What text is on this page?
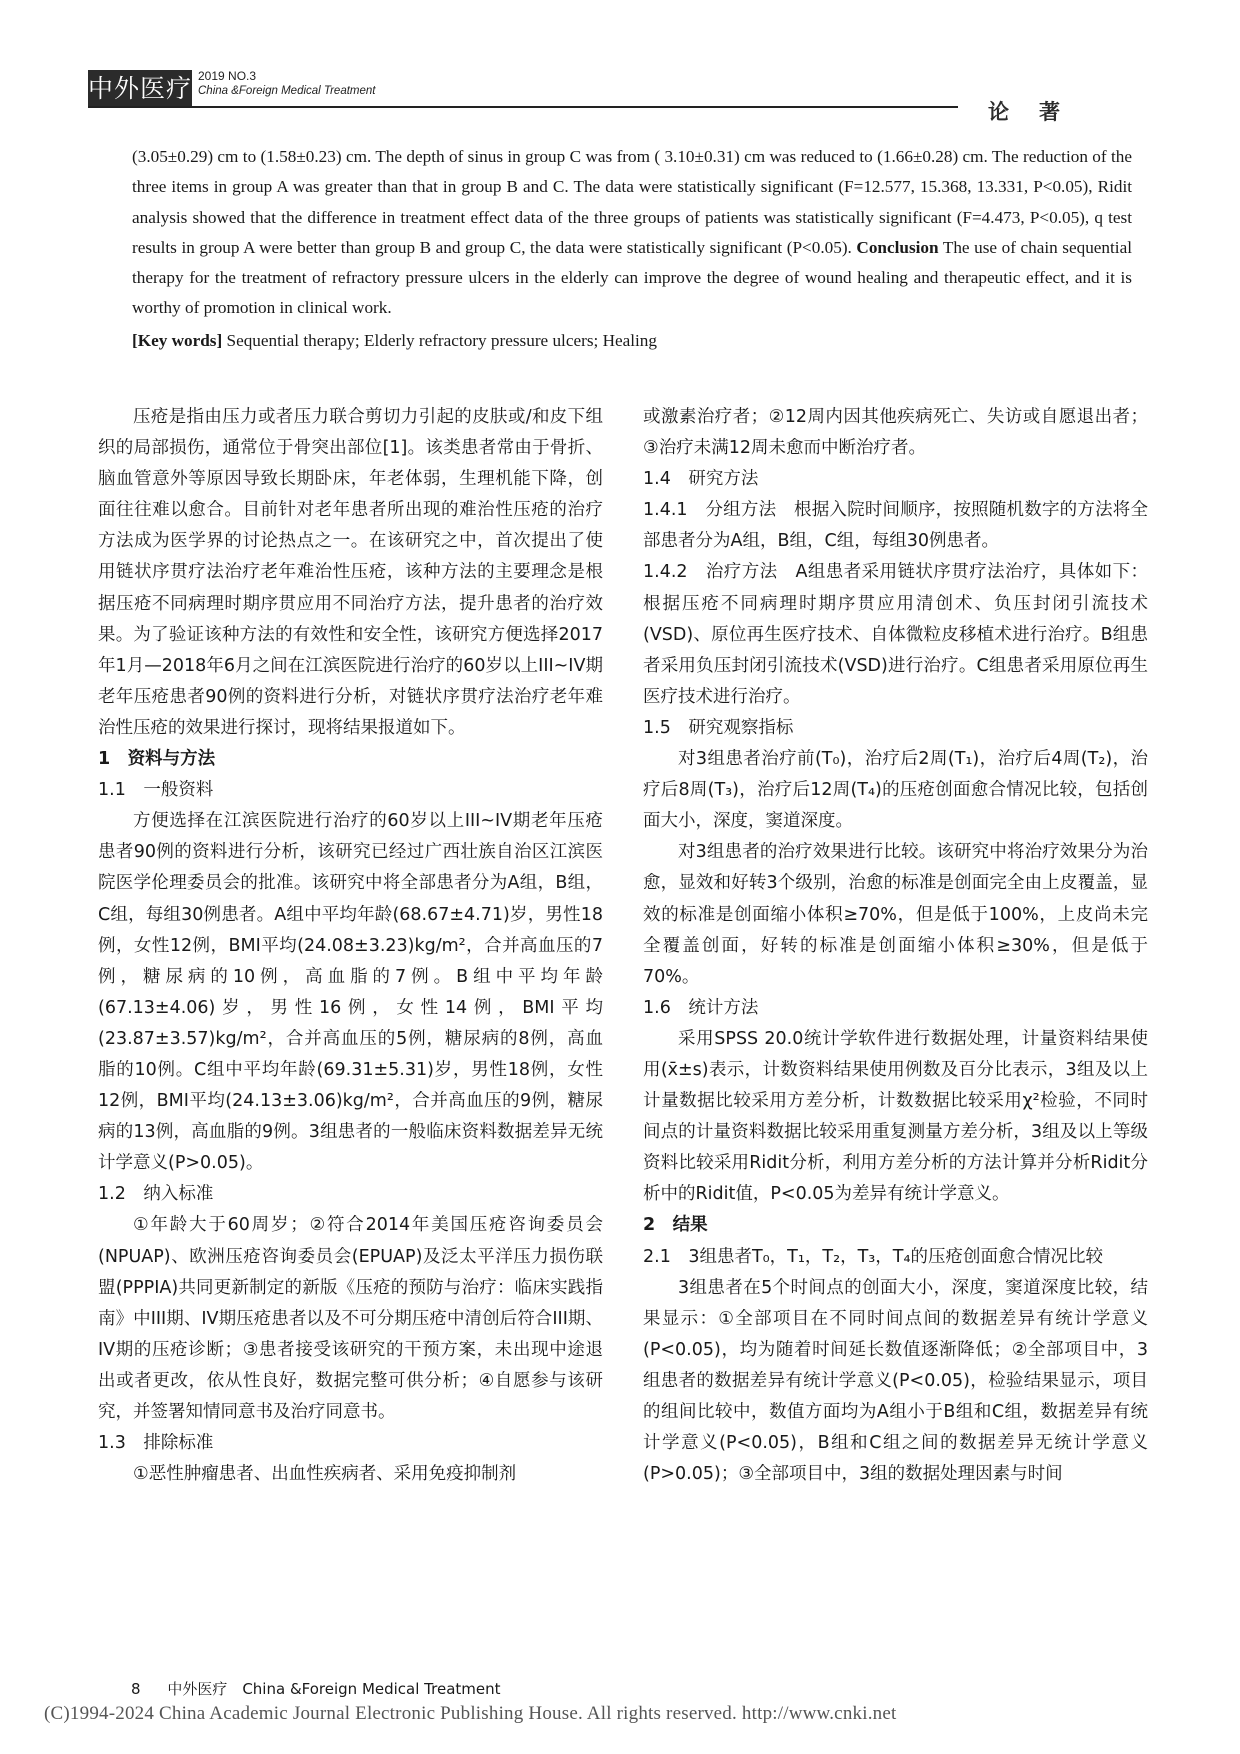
中外医疗 2019 NO.3
China &Foreign Medical Treatment
论著

(3.05±0.29) cm to (1.58±0.23) cm. The depth of sinus in group C was from ( 3.10±0.31) cm was reduced to (1.66±0.28) cm. The reduction of the three items in group A was greater than that in group B and C. The data were statistically significant (F=12.577, 15.368, 13.331, P<0.05), Ridit analysis showed that the difference in treatment effect data of the three groups of patients was statistically significant (F=4.473, P<0.05), q test results in group A were better than group B and group C, the data were statistically significant (P<0.05). Conclusion The use of chain sequential therapy for the treatment of refractory pressure ulcers in the elderly can improve the degree of wound healing and therapeutic effect, and it is worthy of promotion in clinical work.

[Key words] Sequential therapy; Elderly refractory pressure ulcers; Healing

压疮是指由压力或者压力联合剪切力引起的皮肤或/和皮下组织的局部损伤，通常位于骨突出部位[1]。该类患者常由于骨折、脑血管意外等原因导致长期卧床，年老体弱，生理机能下降，创面往往难以愈合。目前针对老年患者所出现的难治性压疮的治疗方法成为医学界的讨论热点之一。在该研究之中，首次提出了使用链状序贯疗法治疗老年难治性压疮，该种方法的主要理念是根据压疮不同病理时期序贯应用不同治疗方法，提升患者的治疗效果。为了验证该种方法的有效性和安全性，该研究方便选择2017年1月—2018年6月之间在江滨医院进行治疗的60岁以上III~IV期老年压疮患者90例的资料进行分析，对链状序贯疗法治疗老年难治性压疮的效果进行探讨，现将结果报道如下。

1　资料与方法

1.1　一般资料

方便选择在江滨医院进行治疗的60岁以上III~IV期老年压疮患者90例的资料进行分析，该研究已经过广西壮族自治区江滨医院医学伦理委员会的批准。该研究中将全部患者分为A组，B组，C组，每组30例患者。A组中平均年龄(68.67±4.71)岁，男性18例，女性12例，BMI平均(24.08±3.23)kg/m²，合并高血压的7例，糖尿病的10例，高血脂的7例。B组中平均年龄(67.13±4.06)岁，男性16例，女性14例，BMI平均(23.87±3.57)kg/m²，合并高血压的5例，糖尿病的8例，高血脂的10例。C组中平均年龄(69.31±5.31)岁，男性18例，女性12例，BMI平均(24.13±3.06)kg/m²，合并高血压的9例，糖尿病的13例，高血脂的9例。3组患者的一般临床资料数据差异无统计学意义(P>0.05)。

1.2　纳入标准

①年龄大于60周岁；②符合2014年美国压疮咨询委员会(NPUAP)、欧洲压疮咨询委员会(EPUAP)及泛太平洋压力损伤联盟(PPPIA)共同更新制定的新版《压疮的预防与治疗：临床实践指南》中III期、IV期压疮患者以及不可分期压疮中清创后符合III期、IV期的压疮诊断；③患者接受该研究的干预方案，未出现中途退出或者更改，依从性良好，数据完整可供分析；④自愿参与该研究，并签署知情同意书及治疗同意书。

1.3　排除标准

①恶性肿瘤患者、出血性疾病者、采用免疫抑制剂

或激素治疗者；②12周内因其他疾病死亡、失访或自愿退出者；③治疗未满12周未愈而中断治疗者。

1.4　研究方法

1.4.1　分组方法　根据入院时间顺序，按照随机数字的方法将全部患者分为A组，B组，C组，每组30例患者。

1.4.2　治疗方法　A组患者采用链状序贯疗法治疗，具体如下：根据压疮不同病理时期序贯应用清创术、负压封闭引流技术(VSD)、原位再生医疗技术、自体微粒皮移植术进行治疗。B组患者采用负压封闭引流技术(VSD)进行治疗。C组患者采用原位再生医疗技术进行治疗。

1.5　研究观察指标

对3组患者治疗前(T₀)，治疗后2周(T₁)，治疗后4周(T₂)，治疗后8周(T₃)，治疗后12周(T₄)的压疮创面愈合情况比较，包括创面大小，深度，窦道深度。

对3组患者的治疗效果进行比较。该研究中将治疗效果分为治愈，显效和好转3个级别，治愈的标准是创面完全由上皮覆盖，显效的标准是创面缩小体积≥70%，但是低于100%，上皮尚未完全覆盖创面，好转的标准是创面缩小体积≥30%，但是低于70%。

1.6　统计方法

采用SPSS 20.0统计学软件进行数据处理，计量资料结果使用(x̄±s)表示，计数资料结果使用例数及百分比表示，3组及以上计量数据比较采用方差分析，计数数据比较采用χ²检验，不同时间点的计量资料数据比较采用重复测量方差分析，3组及以上等级资料比较采用Ridit分析，利用方差分析的方法计算并分析Ridit分析中的Ridit值，P<0.05为差异有统计学意义。

2　结果

2.1　3组患者T₀，T₁，T₂，T₃，T₄的压疮创面愈合情况比较

3组患者在5个时间点的创面大小，深度，窦道深度比较，结果显示：①全部项目在不同时间点间的数据差异有统计学意义(P<0.05)，均为随着时间延长数值逐渐降低；②全部项目中，3组患者的数据差异有统计学意义(P<0.05)，检验结果显示，项目的组间比较中，数值方面均为A组小于B组和C组，数据差异有统计学意义(P<0.05)，B组和C组之间的数据差异无统计学意义(P>0.05)；③全部项目中，3组的数据处理因素与时间

8 中外医疗　China &Foreign Medical Treatment
(C)1994-2024 China Academic Journal Electronic Publishing House. All rights reserved. http://www.cnki.net
